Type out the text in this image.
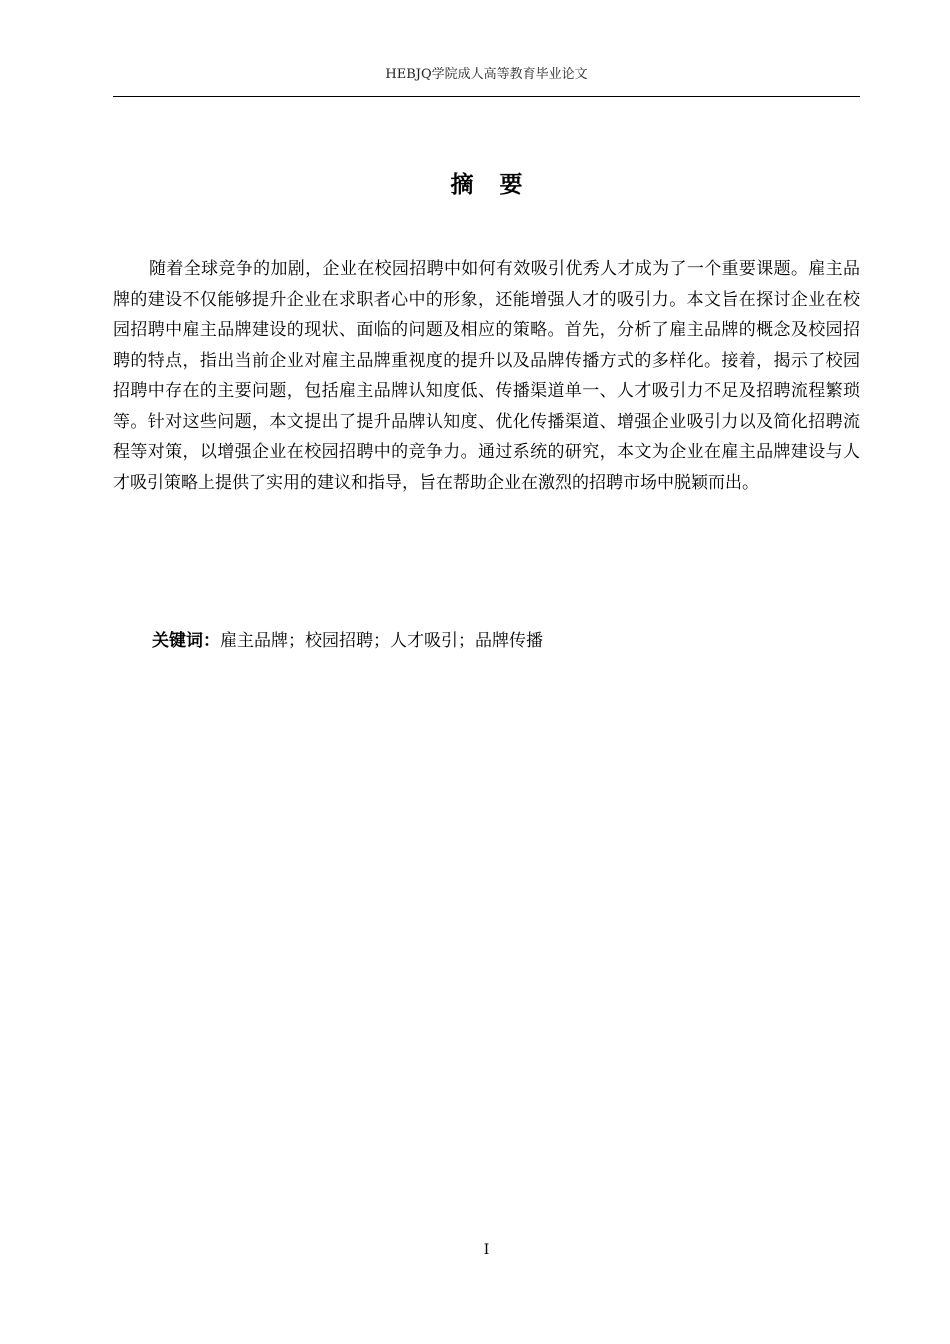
HEBJQ学院成人高等教育毕业论文
摘要

随着全球竞争的加剧，企业在校园招聘中如何有效吸引优秀人才成为了一个重要课题。雇主品牌的建设不仅能够提升企业在求职者心中的形象，还能增强人才的吸引力。本文旨在探讨企业在校园招聘中雇主品牌建设的现状、面临的问题及相应的策略。首先，分析了雇主品牌的概念及校园招聘的特点，指出当前企业对雇主品牌重视度的提升以及品牌传播方式的多样化。接着，揭示了校园招聘中存在的主要问题，包括雇主品牌认知度低、传播渠道单一、人才吸引力不足及招聘流程繁琐等。针对这些问题，本文提出了提升品牌认知度、优化传播渠道、增强企业吸引力以及简化招聘流程等对策，以增强企业在校园招聘中的竞争力。通过系统的研究，本文为企业在雇主品牌建设与人才吸引策略上提供了实用的建议和指导，旨在帮助企业在激烈的招聘市场中脱颖而出。

关键词：雇主品牌；校园招聘；人才吸引；品牌传播
I
